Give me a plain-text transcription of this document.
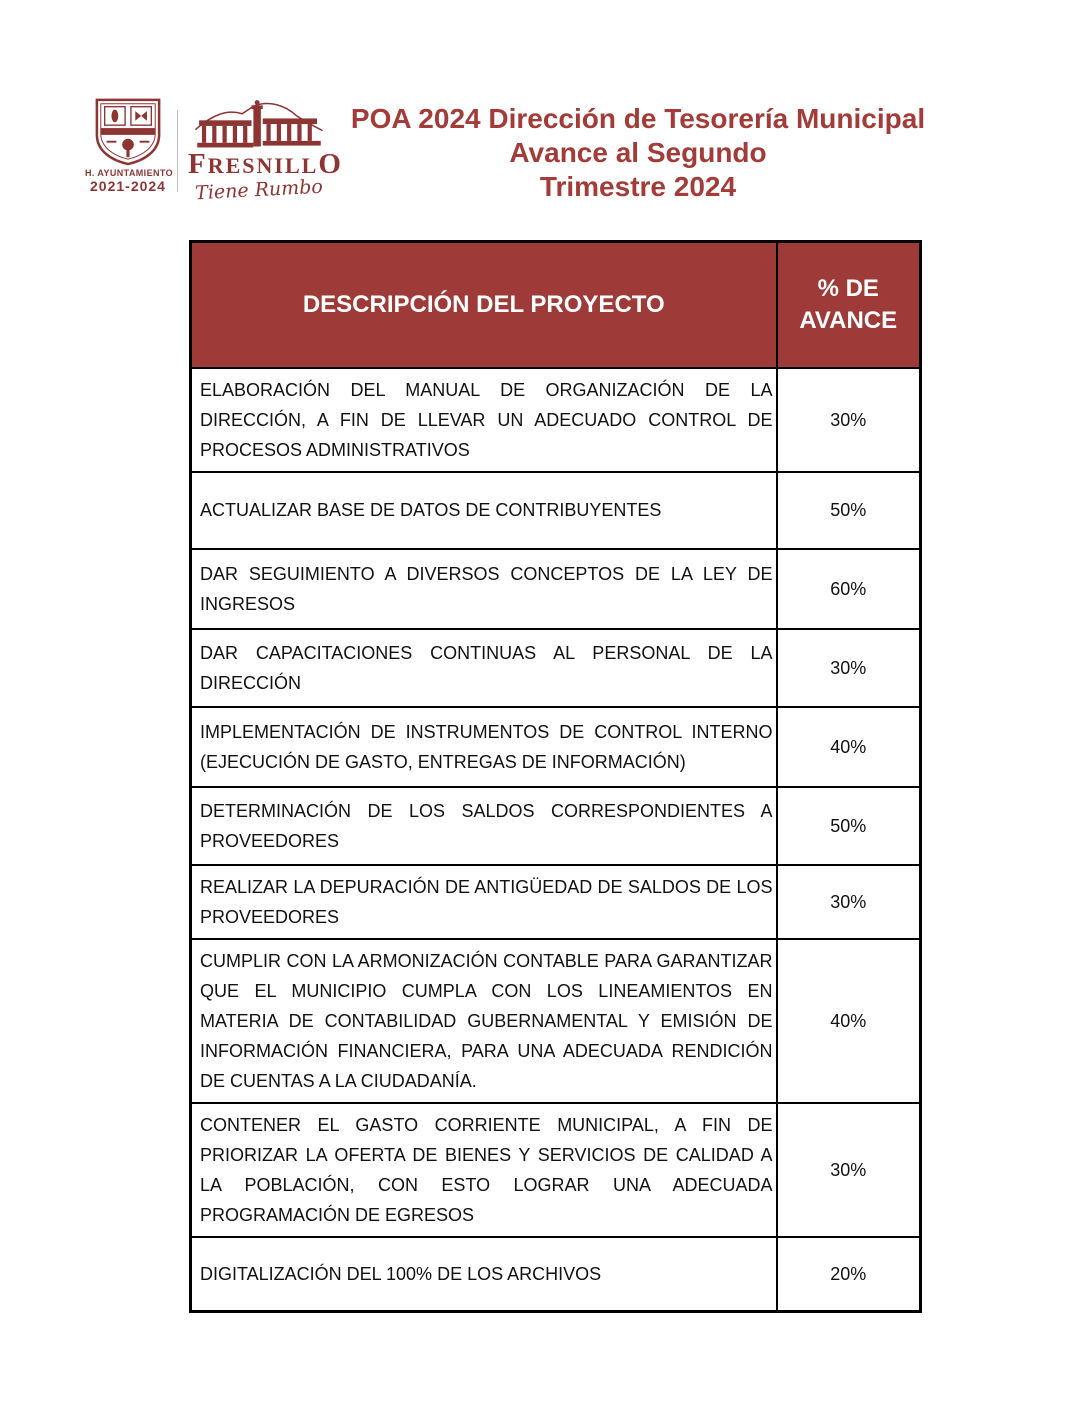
H. AYUNTAMIENTO
2021-2024
FRESNILLO
Tiene Rumbo
POA 2024 Dirección de Tesorería Municipal
Avance al Segundo
Trimestre 2024
DESCRIPCIÓN DEL PROYECTO	% DE AVANCE
ELABORACIÓN DEL MANUAL DE ORGANIZACIÓN DE LA DIRECCIÓN, A FIN DE LLEVAR UN ADECUADO CONTROL DE PROCESOS ADMINISTRATIVOS	30%
ACTUALIZAR BASE DE DATOS DE CONTRIBUYENTES	50%
DAR SEGUIMIENTO A DIVERSOS CONCEPTOS DE LA LEY DE INGRESOS	60%
DAR CAPACITACIONES CONTINUAS AL PERSONAL DE LA DIRECCIÓN	30%
IMPLEMENTACIÓN DE INSTRUMENTOS DE CONTROL INTERNO (EJECUCIÓN DE GASTO, ENTREGAS DE INFORMACIÓN)	40%
DETERMINACIÓN DE LOS SALDOS CORRESPONDIENTES A PROVEEDORES	50%
REALIZAR LA DEPURACIÓN DE ANTIGÜEDAD DE SALDOS DE LOS PROVEEDORES	30%
CUMPLIR CON LA ARMONIZACIÓN CONTABLE PARA GARANTIZAR QUE EL MUNICIPIO CUMPLA CON LOS LINEAMIENTOS EN MATERIA DE CONTABILIDAD GUBERNAMENTAL Y EMISIÓN DE INFORMACIÓN FINANCIERA, PARA UNA ADECUADA RENDICIÓN DE CUENTAS A LA CIUDADANÍA.	40%
CONTENER EL GASTO CORRIENTE MUNICIPAL, A FIN DE PRIORIZAR LA OFERTA DE BIENES Y SERVICIOS DE CALIDAD A LA POBLACIÓN, CON ESTO LOGRAR UNA ADECUADA PROGRAMACIÓN DE EGRESOS	30%
DIGITALIZACIÓN DEL 100% DE LOS ARCHIVOS	20%
